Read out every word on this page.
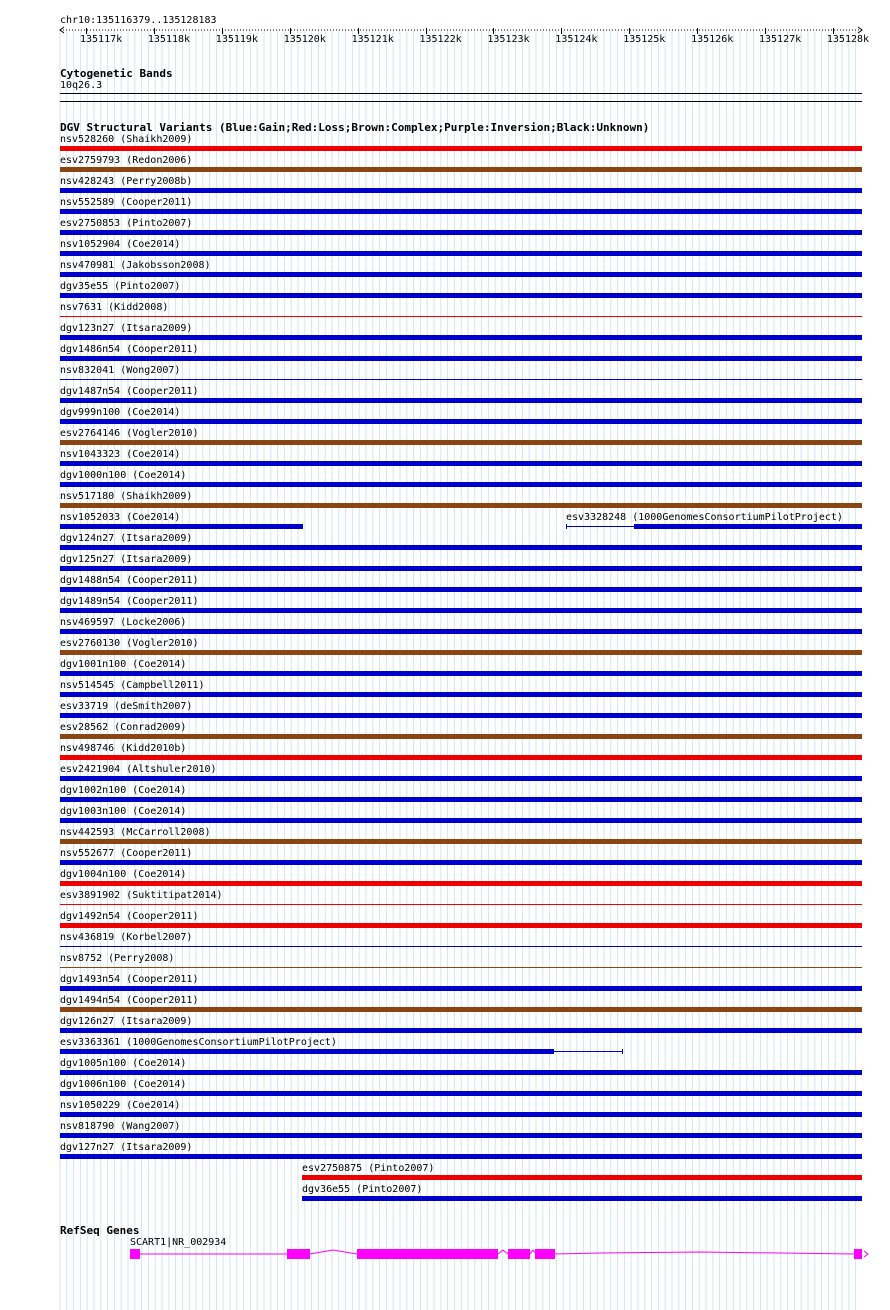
chr10:135116379..135128183
135117k	135118k	135119k	135120k	135121k	135122k	135123k	135124k	135125k	135126k	135127k	135128k
Cytogenetic Bands
10q26.3
DGV Structural Variants (Blue:Gain;Red:Loss;Brown:Complex;Purple:Inversion;Black:Unknown)
nsv528260 (Shaikh2009)
esv2759793 (Redon2006)
nsv428243 (Perry2008b)
nsv552589 (Cooper2011)
esv2750853 (Pinto2007)
nsv1052904 (Coe2014)
nsv470981 (Jakobsson2008)
dgv35e55 (Pinto2007)
nsv7631 (Kidd2008)
dgv123n27 (Itsara2009)
dgv1486n54 (Cooper2011)
nsv832041 (Wong2007)
dgv1487n54 (Cooper2011)
dgv999n100 (Coe2014)
esv2764146 (Vogler2010)
nsv1043323 (Coe2014)
dgv1000n100 (Coe2014)
nsv517180 (Shaikh2009)
nsv1052033 (Coe2014)	esv3328248 (1000GenomesConsortiumPilotProject)
dgv124n27 (Itsara2009)
dgv125n27 (Itsara2009)
dgv1488n54 (Cooper2011)
dgv1489n54 (Cooper2011)
nsv469597 (Locke2006)
esv2760130 (Vogler2010)
dgv1001n100 (Coe2014)
nsv514545 (Campbell2011)
esv33719 (deSmith2007)
esv28562 (Conrad2009)
nsv498746 (Kidd2010b)
esv2421904 (Altshuler2010)
dgv1002n100 (Coe2014)
dgv1003n100 (Coe2014)
nsv442593 (McCarroll2008)
nsv552677 (Cooper2011)
dgv1004n100 (Coe2014)
esv3891902 (Suktitipat2014)
dgv1492n54 (Cooper2011)
nsv436819 (Korbel2007)
nsv8752 (Perry2008)
dgv1493n54 (Cooper2011)
dgv1494n54 (Cooper2011)
dgv126n27 (Itsara2009)
esv3363361 (1000GenomesConsortiumPilotProject)
dgv1005n100 (Coe2014)
dgv1006n100 (Coe2014)
nsv1050229 (Coe2014)
nsv818790 (Wang2007)
dgv127n27 (Itsara2009)
esv2750875 (Pinto2007)
dgv36e55 (Pinto2007)
RefSeq Genes
SCART1|NR_002934
